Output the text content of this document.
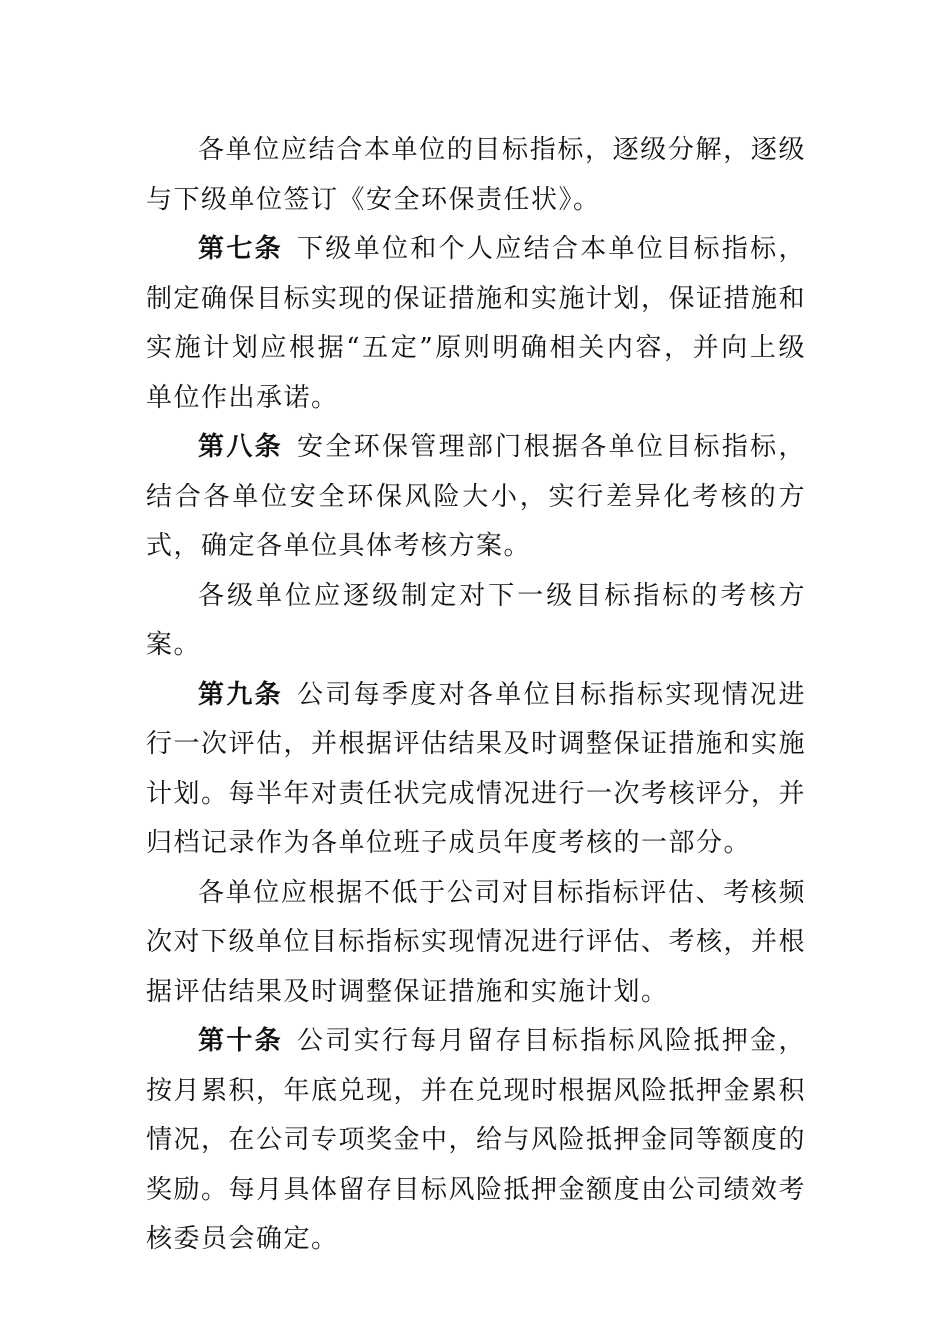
各单位应结合本单位的目标指标，逐级分解，逐级与下级单位签订《安全环保责任状》。

第七条 下级单位和个人应结合本单位目标指标，制定确保目标实现的保证措施和实施计划，保证措施和实施计划应根据“五定”原则明确相关内容，并向上级单位作出承诺。

第八条 安全环保管理部门根据各单位目标指标，结合各单位安全环保风险大小，实行差异化考核的方式，确定各单位具体考核方案。

各级单位应逐级制定对下一级目标指标的考核方案。

第九条 公司每季度对各单位目标指标实现情况进行一次评估，并根据评估结果及时调整保证措施和实施计划。每半年对责任状完成情况进行一次考核评分，并归档记录作为各单位班子成员年度考核的一部分。

各单位应根据不低于公司对目标指标评估、考核频次对下级单位目标指标实现情况进行评估、考核，并根据评估结果及时调整保证措施和实施计划。

第十条 公司实行每月留存目标指标风险抵押金，按月累积，年底兑现，并在兑现时根据风险抵押金累积情况，在公司专项奖金中，给与风险抵押金同等额度的奖励。每月具体留存目标风险抵押金额度由公司绩效考核委员会确定。
